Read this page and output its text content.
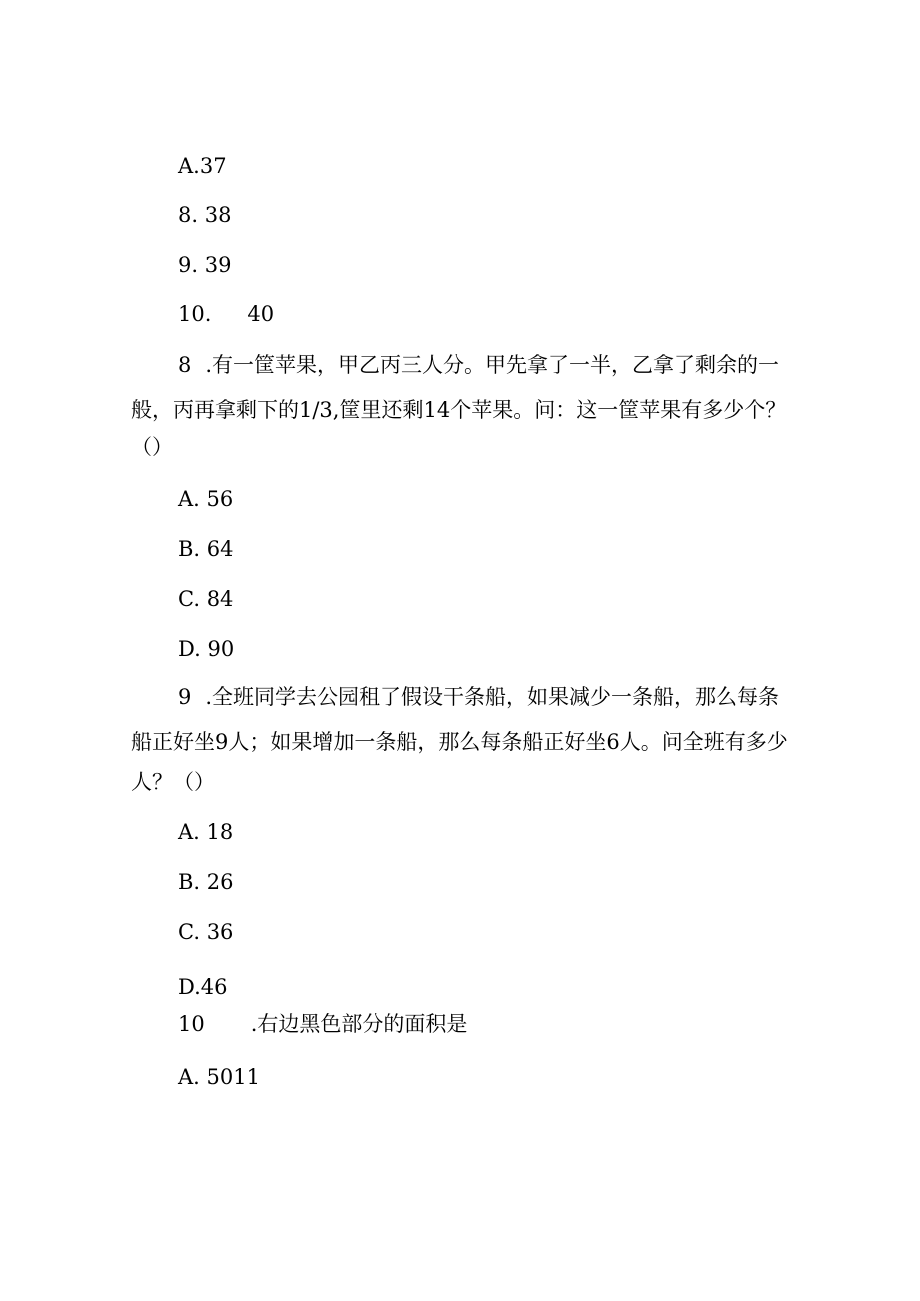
A.37
8. 38
9. 39
10. 40
8 .有一筐苹果，甲乙丙三人分。甲先拿了一半，乙拿了剩余的一
般，丙再拿剩下的1/3,筐里还剩14个苹果。问：这一筐苹果有多少个？
（）
A. 56
B. 64
C. 84
D. 90
9 .全班同学去公园租了假设干条船，如果减少一条船，那么每条
船正好坐9人；如果增加一条船，那么每条船正好坐6人。问全班有多少
人？（）
A. 18
B. 26
C. 36
D.46
10 .右边黑色部分的面积是
A. 5011
